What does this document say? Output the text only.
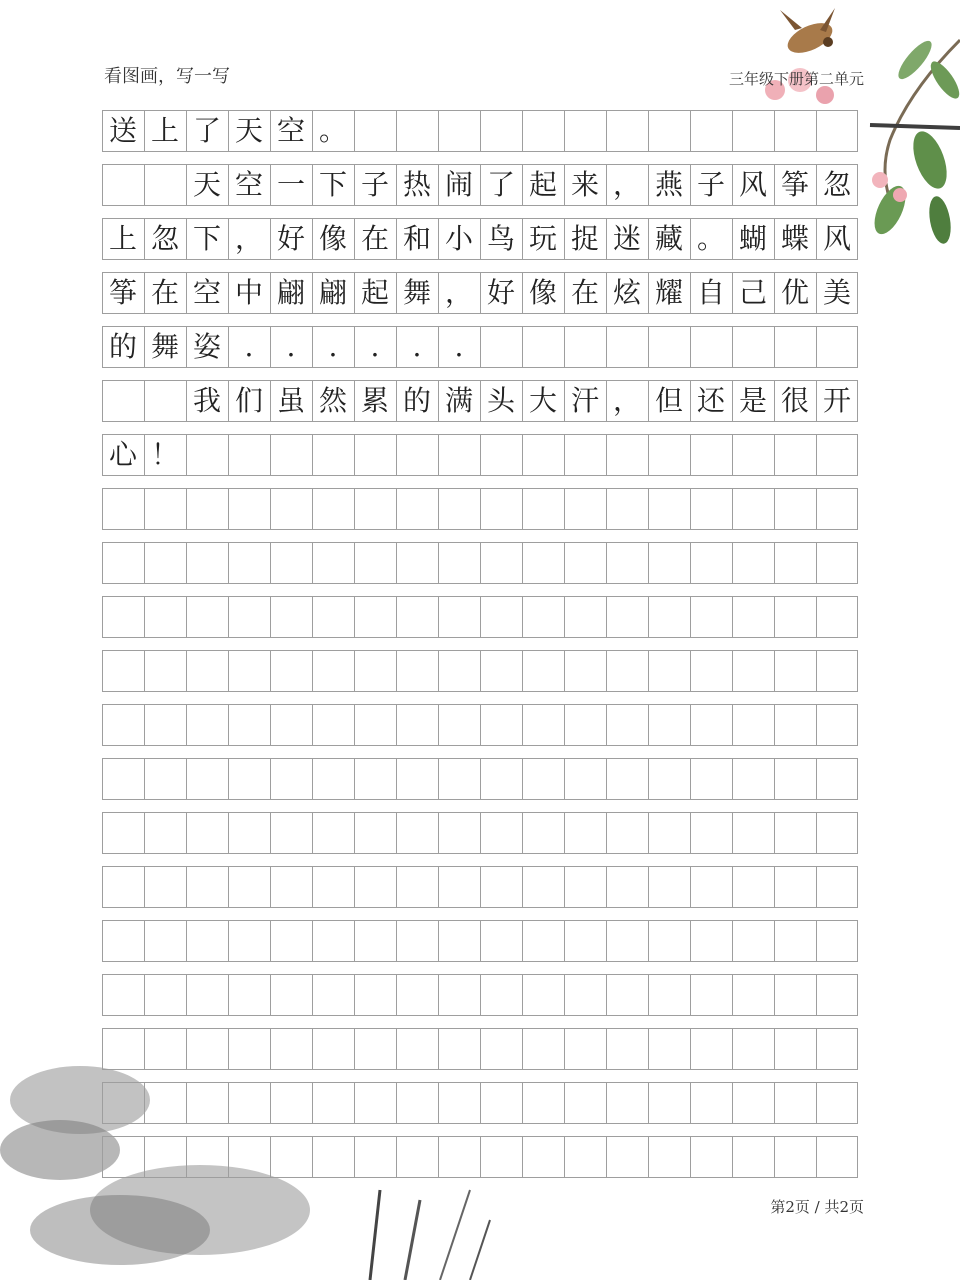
看图画，写一写	三年级下册第二单元
送 上 了 天 空 。
天 空 一 下 子 热 闹 了 起 来 ， 燕 子 风 筝 忽
上 忽 下 ， 好 像 在 和 小 鸟 玩 捉 迷 藏 。 蝴 蝶 风
筝 在 空 中 翩 翩 起 舞 ， 好 像 在 炫 耀 自 己 优 美
的 舞 姿 . . . . . .
我 们 虽 然 累 的 满 头 大 汗 ， 但 还 是 很 开
心 ！
第2页 / 共2页
